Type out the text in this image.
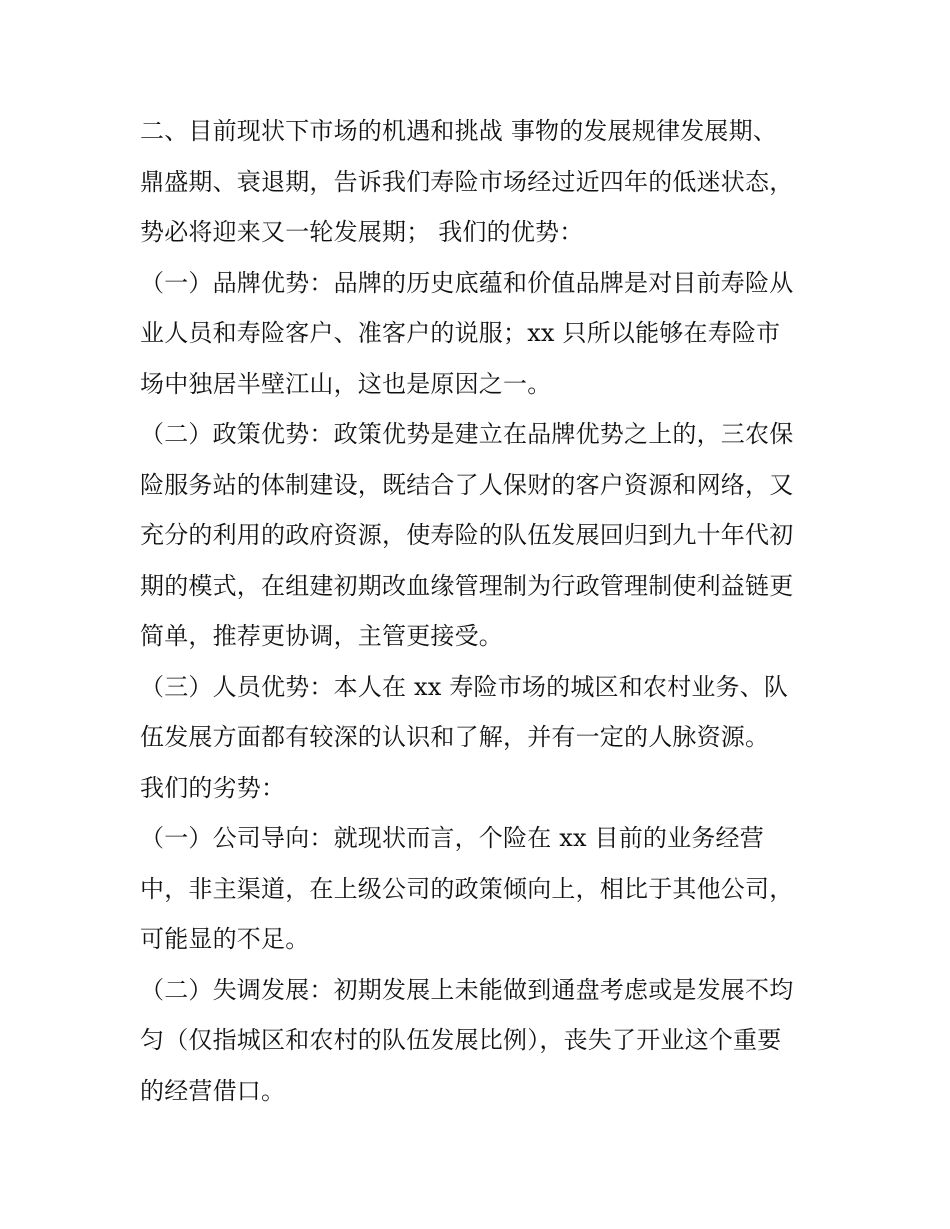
二、目前现状下市场的机遇和挑战 事物的发展规律发展期、
鼎盛期、衰退期，告诉我们寿险市场经过近四年的低迷状态，
势必将迎来又一轮发展期； 我们的优势：
（一）品牌优势：品牌的历史底蕴和价值品牌是对目前寿险从
业人员和寿险客户、准客户的说服；xx 只所以能够在寿险市
场中独居半壁江山，这也是原因之一。
（二）政策优势：政策优势是建立在品牌优势之上的，三农保
险服务站的体制建设，既结合了人保财的客户资源和网络，又
充分的利用的政府资源，使寿险的队伍发展回归到九十年代初
期的模式，在组建初期改血缘管理制为行政管理制使利益链更
简单，推荐更协调，主管更接受。
（三）人员优势：本人在 xx 寿险市场的城区和农村业务、队
伍发展方面都有较深的认识和了解，并有一定的人脉资源。
我们的劣势：
（一）公司导向：就现状而言，个险在 xx 目前的业务经营
中，非主渠道，在上级公司的政策倾向上，相比于其他公司，
可能显的不足。
（二）失调发展：初期发展上未能做到通盘考虑或是发展不均
匀（仅指城区和农村的队伍发展比例），丧失了开业这个重要
的经营借口。
